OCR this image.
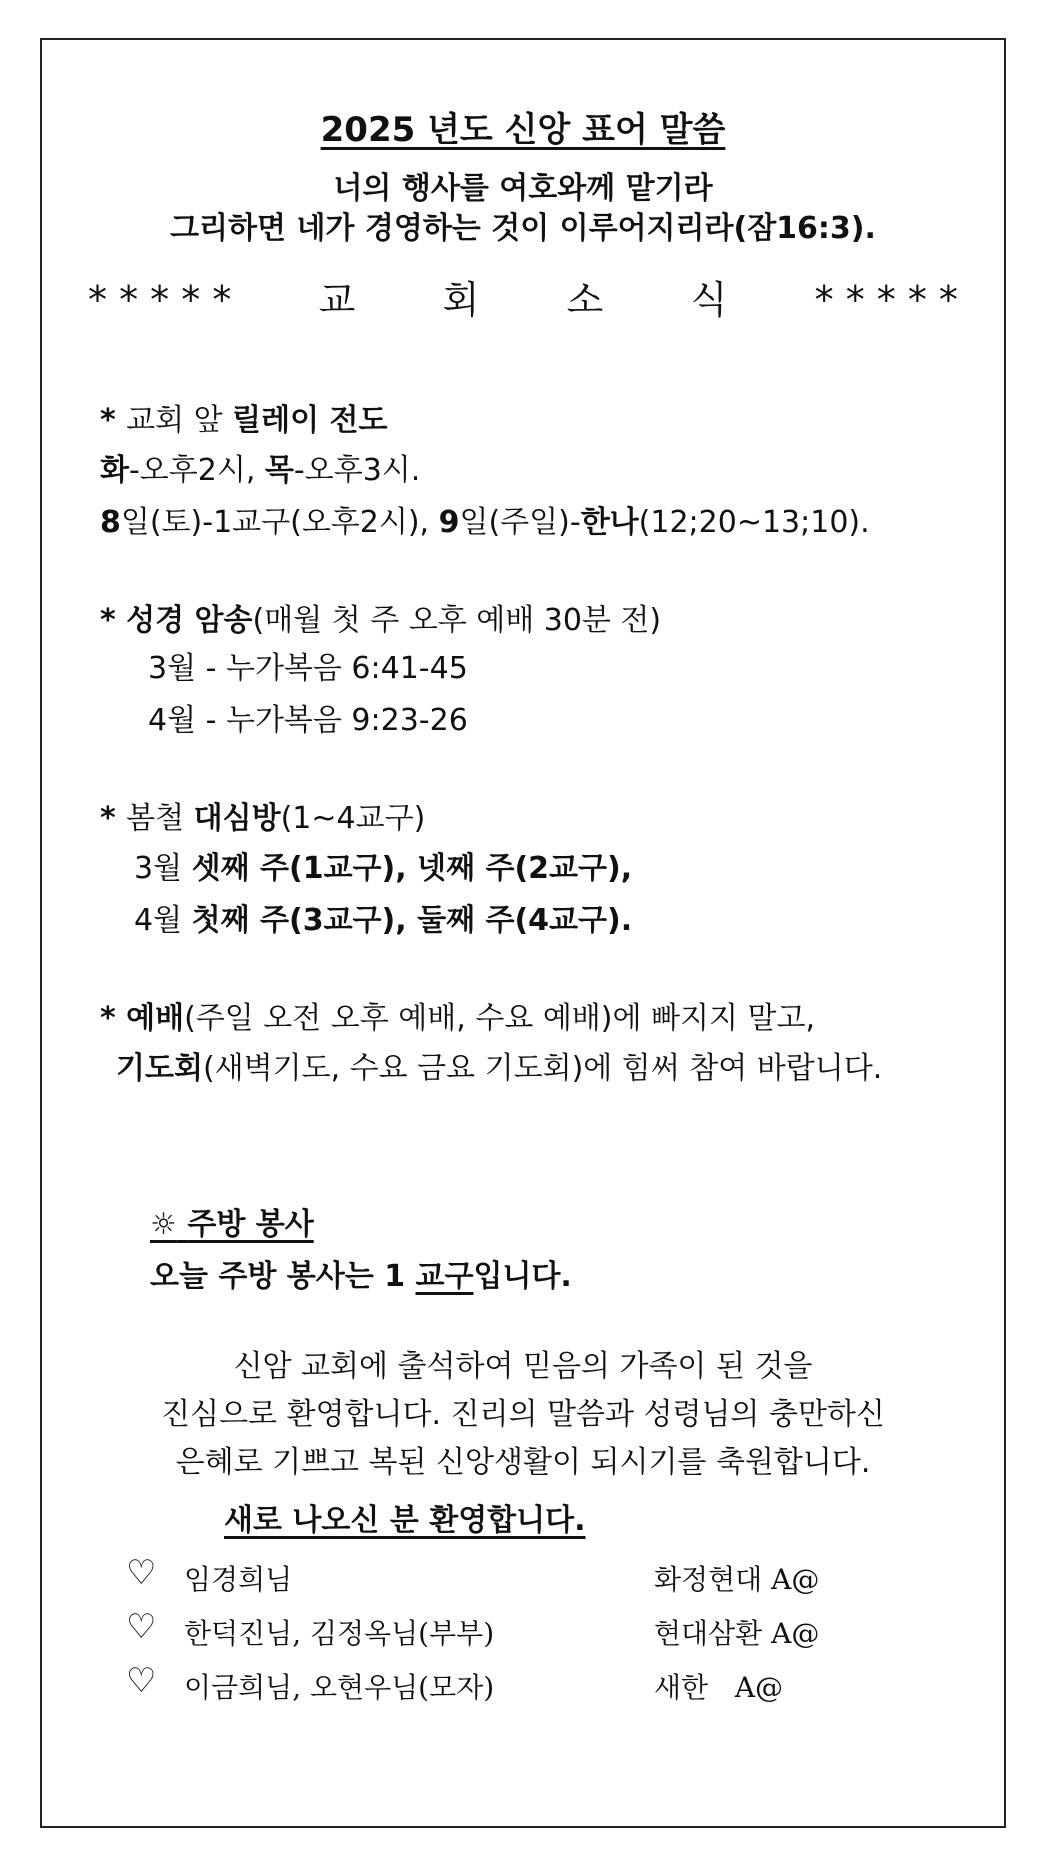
2025 년도 신앙 표어 말씀
너의 행사를 여호와께 맡기라
그리하면 네가 경영하는 것이 이루어지리라(잠16:3).
* * * * * 교 회 소 식 * * * * *
* 교회 앞 릴레이 전도
화-오후2시, 목-오후3시.
8일(토)-1교구(오후2시), 9일(주일)-한나(12;20~13;10).
* 성경 암송(매월 첫 주 오후 예배 30분 전)
3월 - 누가복음 6:41-45
4월 - 누가복음 9:23-26
* 봄철 대심방(1~4교구)
3월 셋째 주(1교구), 넷째 주(2교구),
4월 첫째 주(3교구), 둘째 주(4교구).
* 예배(주일 오전 오후 예배, 수요 예배)에 빠지지 말고,
기도회(새벽기도, 수요 금요 기도회)에 힘써 참여 바랍니다.
☼ 주방 봉사
오늘 주방 봉사는 1 교구입니다.
신암 교회에 출석하여 믿음의 가족이 된 것을
진심으로 환영합니다. 진리의 말씀과 성령님의 충만하신
은혜로 기쁘고 복된 신앙생활이 되시기를 축원합니다.
새로 나오신 분 환영합니다.
♡ 임경희님	화정현대 A@
♡ 한덕진님, 김정옥님(부부)	현대삼환 A@
♡ 이금희님, 오현우님(모자)	새한   A@
